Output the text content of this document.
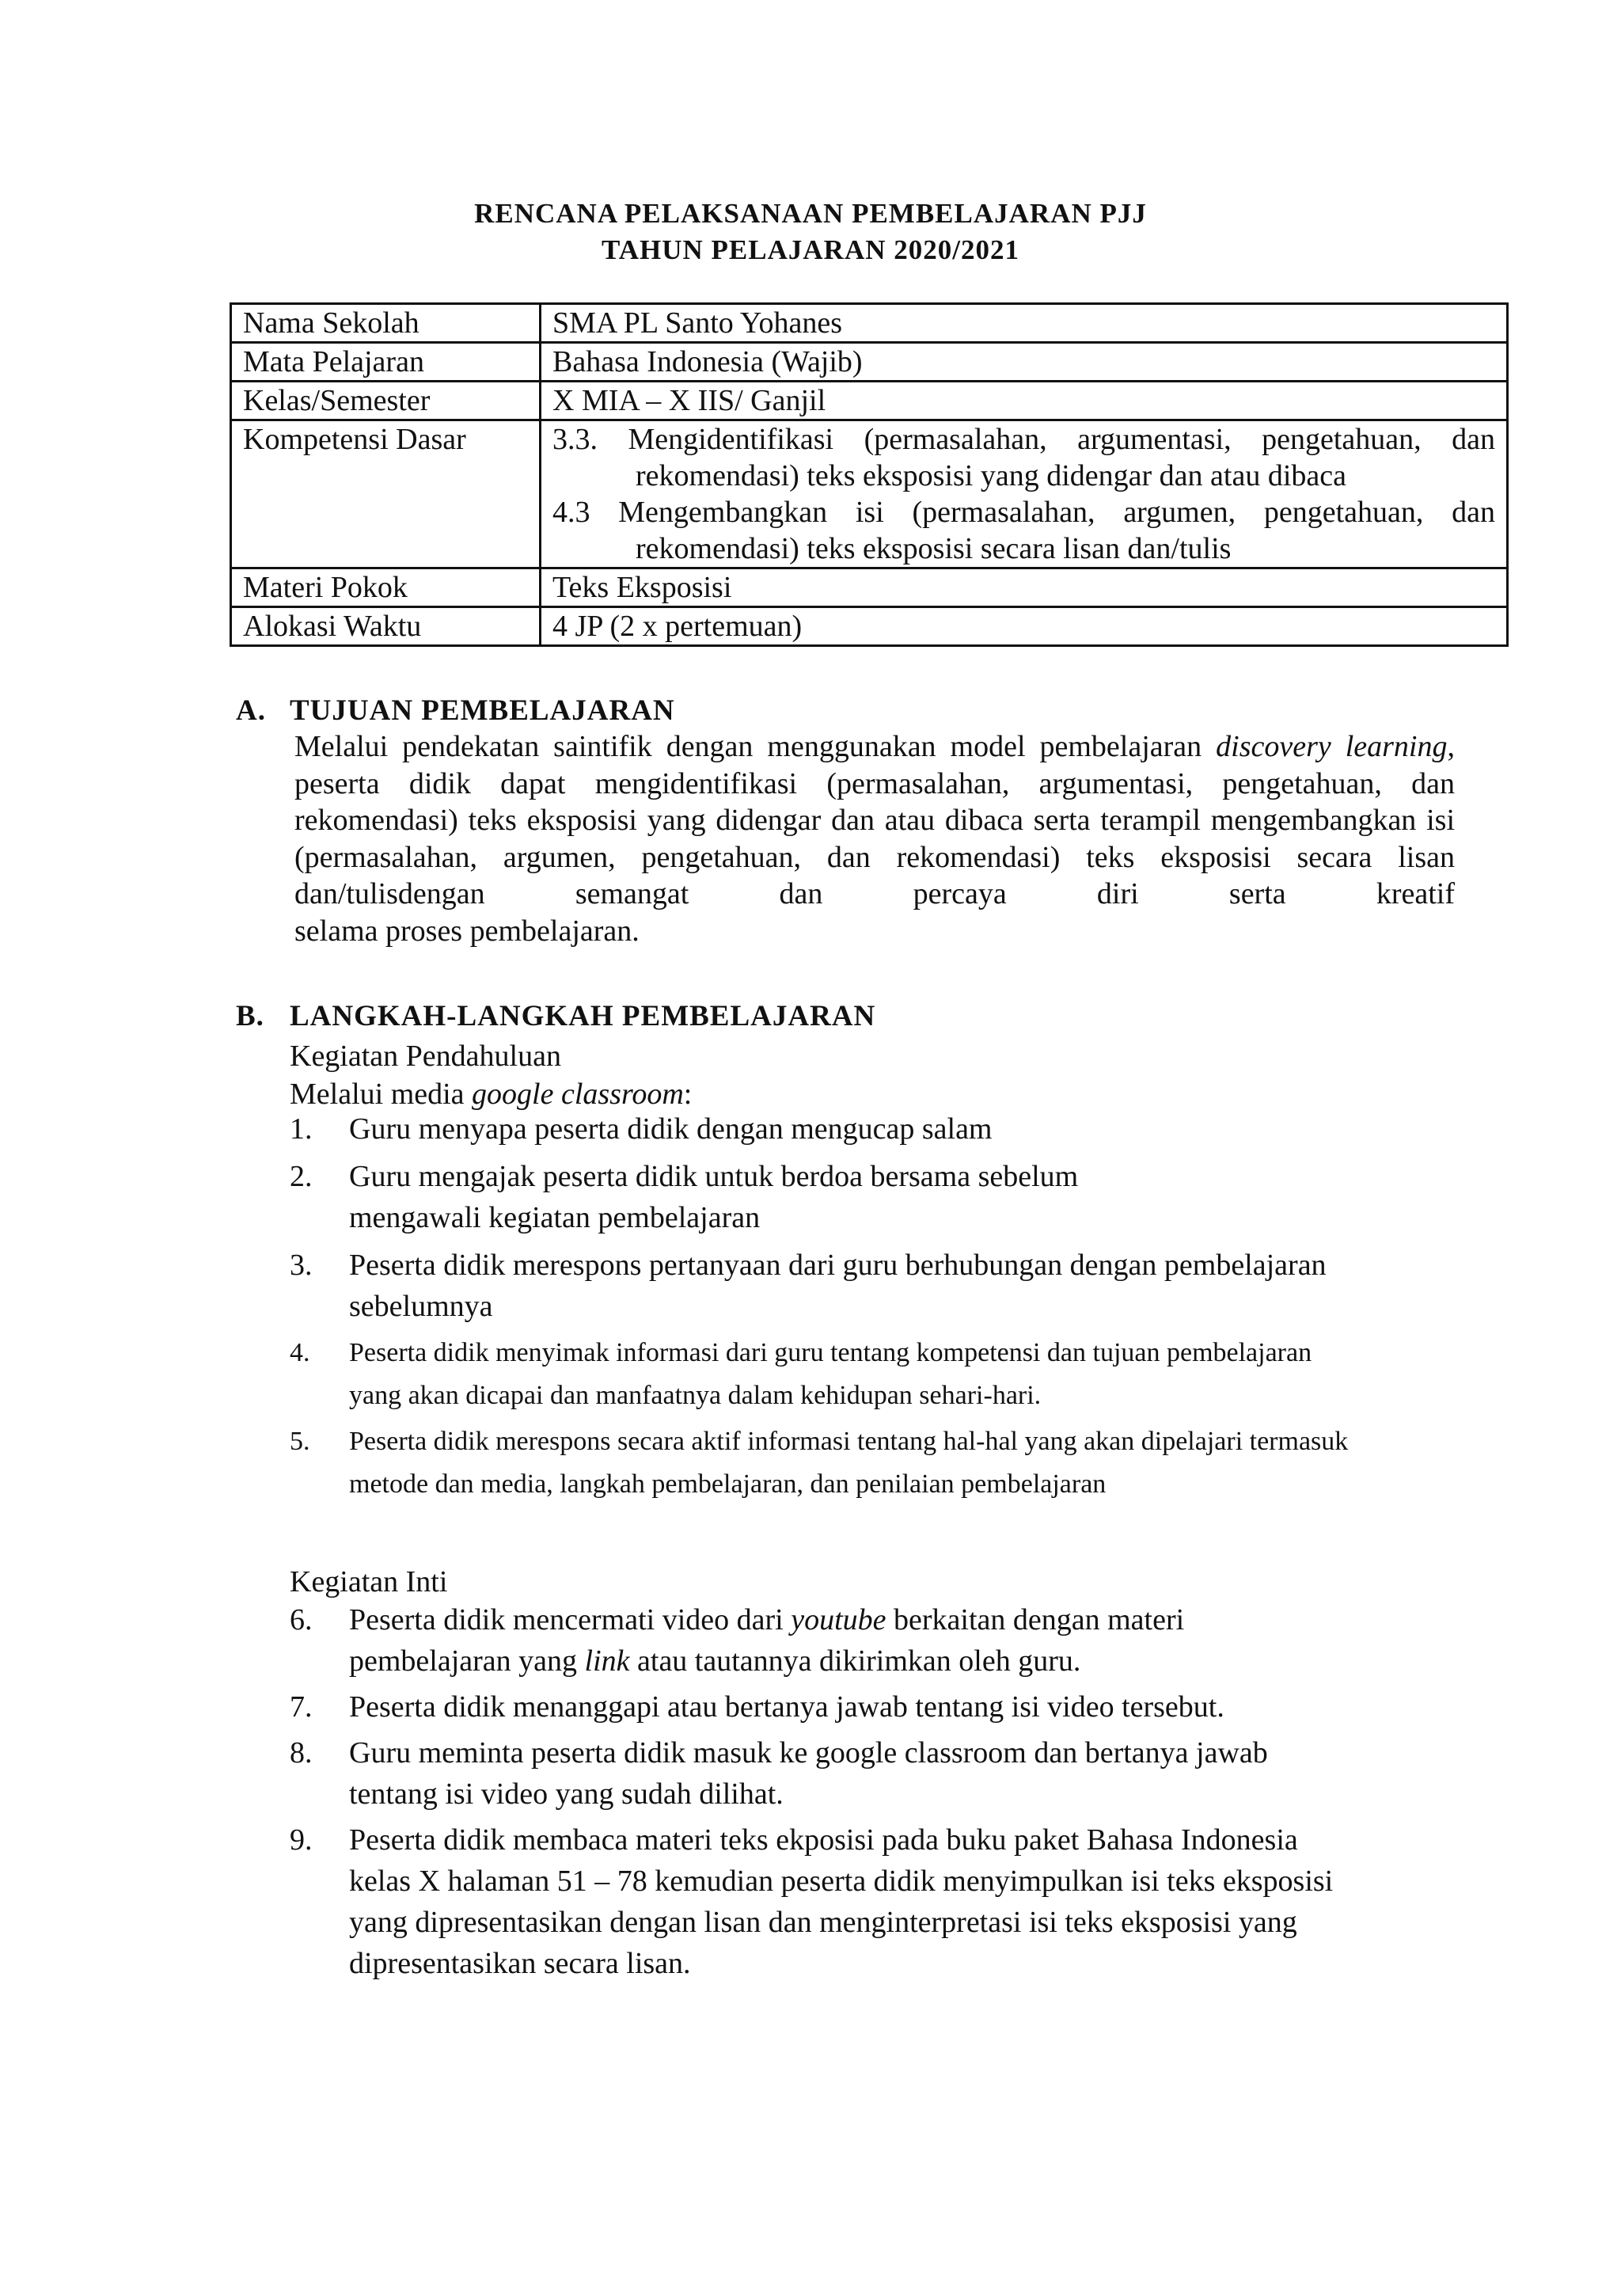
RENCANA PELAKSANAAN PEMBELAJARAN PJJ
TAHUN PELAJARAN 2020/2021
Nama Sekolah	SMA PL Santo Yohanes
Mata Pelajaran	Bahasa Indonesia (Wajib)
Kelas/Semester	X MIA – X IIS/ Ganjil
Kompetensi Dasar	3.3. Mengidentifikasi (permasalahan, argumentasi, pengetahuan, dan rekomendasi) teks eksposisi yang didengar dan atau dibaca
4.3 Mengembangkan isi (permasalahan, argumen, pengetahuan, dan rekomendasi) teks eksposisi secara lisan dan/tulis

Materi Pokok	Teks Eksposisi
Alokasi Waktu	4 JP (2 x pertemuan)
A. TUJUAN PEMBELAJARAN
Melalui pendekatan saintifik dengan menggunakan model pembelajaran discovery learning, peserta didik dapat mengidentifikasi (permasalahan, argumentasi, pengetahuan, dan rekomendasi) teks eksposisi yang didengar dan atau dibaca serta terampil mengembangkan isi (permasalahan, argumen, pengetahuan, dan rekomendasi) teks eksposisi secara lisan dan/tulisdengan semangat dan percaya diri serta kreatif
selama proses pembelajaran.
B. LANGKAH-LANGKAH PEMBELAJARAN
Kegiatan Pendahuluan
Melalui media google classroom:
1.	Guru menyapa peserta didik dengan mengucap salam
2.	Guru mengajak peserta didik untuk berdoa bersama sebelum mengawali kegiatan pembelajaran
3.	Peserta didik merespons pertanyaan dari guru berhubungan dengan pembelajaran sebelumnya
4.	Peserta didik menyimak informasi dari guru tentang kompetensi dan tujuan pembelajaran yang akan dicapai dan manfaatnya dalam kehidupan sehari-hari.
5.	Peserta didik merespons secara aktif informasi tentang hal-hal yang akan dipelajari termasuk metode dan media, langkah pembelajaran, dan penilaian pembelajaran
Kegiatan Inti
6.	Peserta didik mencermati video dari youtube berkaitan dengan materi pembelajaran yang link atau tautannya dikirimkan oleh guru.
7.	Peserta didik menanggapi atau bertanya jawab tentang isi video tersebut.
8.	Guru meminta peserta didik masuk ke google classroom dan bertanya jawab tentang isi video yang sudah dilihat.
9.	Peserta didik membaca materi teks ekposisi pada buku paket Bahasa Indonesia kelas X halaman 51 – 78 kemudian peserta didik menyimpulkan isi teks eksposisi yang dipresentasikan dengan lisan dan menginterpretasi isi teks eksposisi yang dipresentasikan secara lisan.
